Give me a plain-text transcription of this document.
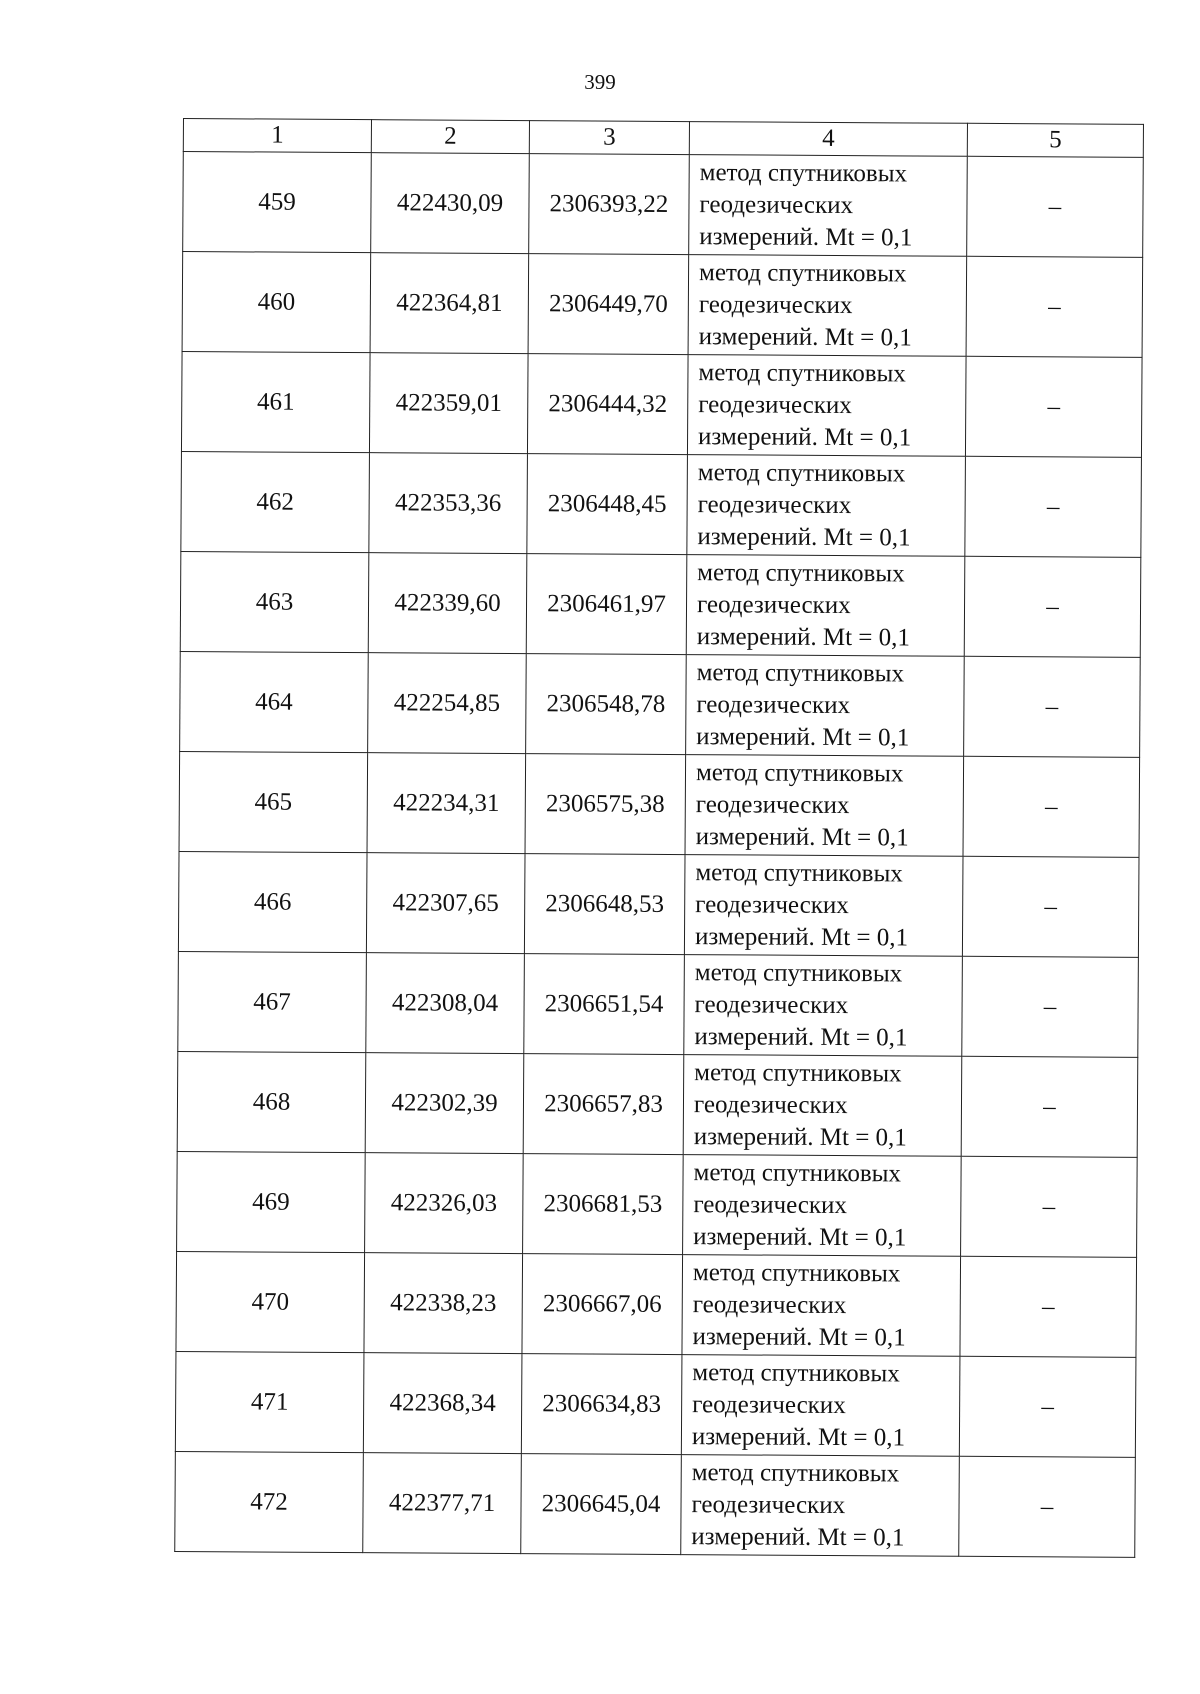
399
1	2	3	4	5
459	422430,09	2306393,22	метод спутниковых
геодезических
измерений. Mt = 0,1	–
460	422364,81	2306449,70	метод спутниковых
геодезических
измерений. Mt = 0,1	–
461	422359,01	2306444,32	метод спутниковых
геодезических
измерений. Mt = 0,1	–
462	422353,36	2306448,45	метод спутниковых
геодезических
измерений. Mt = 0,1	–
463	422339,60	2306461,97	метод спутниковых
геодезических
измерений. Mt = 0,1	–
464	422254,85	2306548,78	метод спутниковых
геодезических
измерений. Mt = 0,1	–
465	422234,31	2306575,38	метод спутниковых
геодезических
измерений. Mt = 0,1	–
466	422307,65	2306648,53	метод спутниковых
геодезических
измерений. Mt = 0,1	–
467	422308,04	2306651,54	метод спутниковых
геодезических
измерений. Mt = 0,1	–
468	422302,39	2306657,83	метод спутниковых
геодезических
измерений. Mt = 0,1	–
469	422326,03	2306681,53	метод спутниковых
геодезических
измерений. Mt = 0,1	–
470	422338,23	2306667,06	метод спутниковых
геодезических
измерений. Mt = 0,1	–
471	422368,34	2306634,83	метод спутниковых
геодезических
измерений. Mt = 0,1	–
472	422377,71	2306645,04	метод спутниковых
геодезических
измерений. Mt = 0,1	–
